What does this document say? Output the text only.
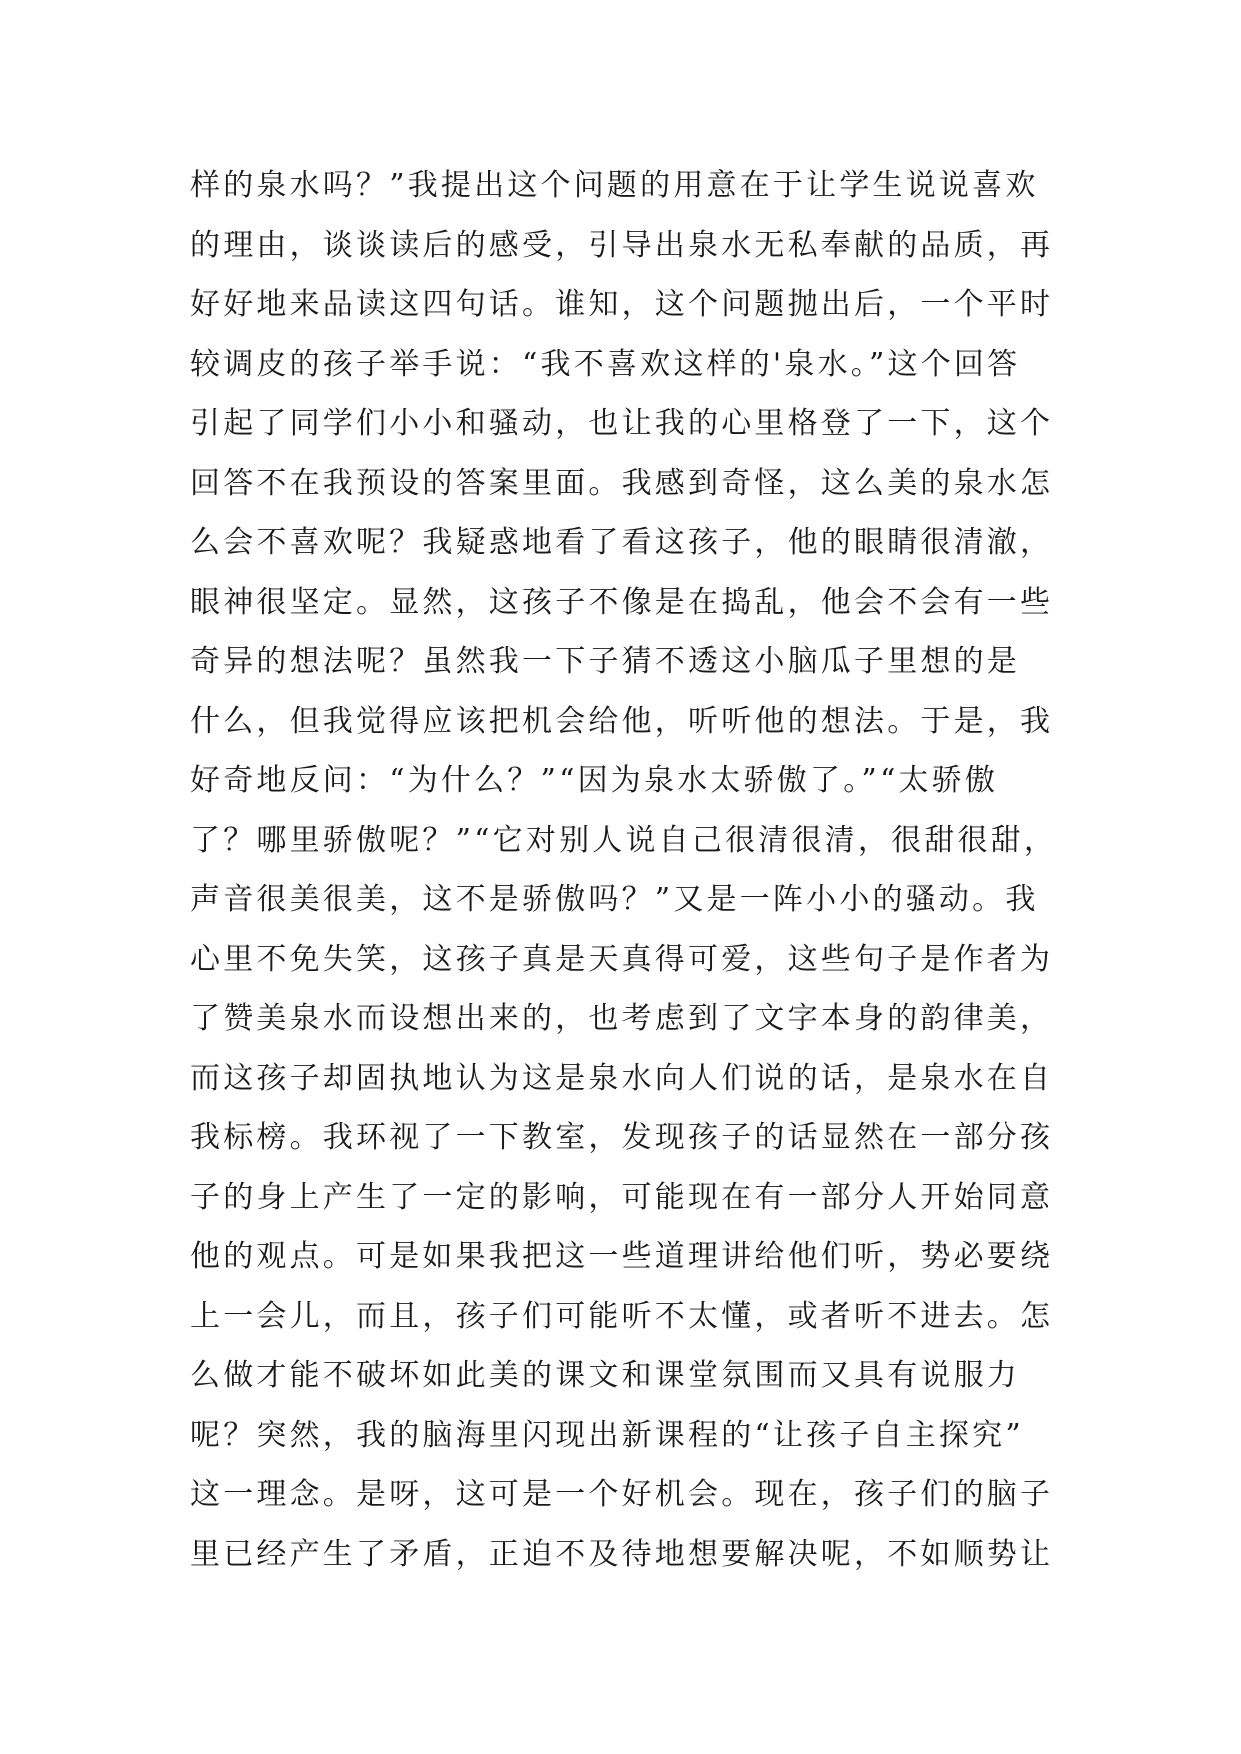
样的泉水吗？”我提出这个问题的用意在于让学生说说喜欢
的理由，谈谈读后的感受，引导出泉水无私奉献的品质，再
好好地来品读这四句话。谁知，这个问题抛出后，一个平时
较调皮的孩子举手说：“我不喜欢这样的'泉水。”这个回答
引起了同学们小小和骚动，也让我的心里格登了一下，这个
回答不在我预设的答案里面。我感到奇怪，这么美的泉水怎
么会不喜欢呢？我疑惑地看了看这孩子，他的眼睛很清澈，
眼神很坚定。显然，这孩子不像是在捣乱，他会不会有一些
奇异的想法呢？虽然我一下子猜不透这小脑瓜子里想的是
什么，但我觉得应该把机会给他，听听他的想法。于是，我
好奇地反问：“为什么？”“因为泉水太骄傲了。”“太骄傲
了？哪里骄傲呢？”“它对别人说自己很清很清，很甜很甜，
声音很美很美，这不是骄傲吗？”又是一阵小小的骚动。我
心里不免失笑，这孩子真是天真得可爱，这些句子是作者为
了赞美泉水而设想出来的，也考虑到了文字本身的韵律美，
而这孩子却固执地认为这是泉水向人们说的话，是泉水在自
我标榜。我环视了一下教室，发现孩子的话显然在一部分孩
子的身上产生了一定的影响，可能现在有一部分人开始同意
他的观点。可是如果我把这一些道理讲给他们听，势必要绕
上一会儿，而且，孩子们可能听不太懂，或者听不进去。怎
么做才能不破坏如此美的课文和课堂氛围而又具有说服力
呢？突然，我的脑海里闪现出新课程的“让孩子自主探究”
这一理念。是呀，这可是一个好机会。现在，孩子们的脑子
里已经产生了矛盾，正迫不及待地想要解决呢，不如顺势让
